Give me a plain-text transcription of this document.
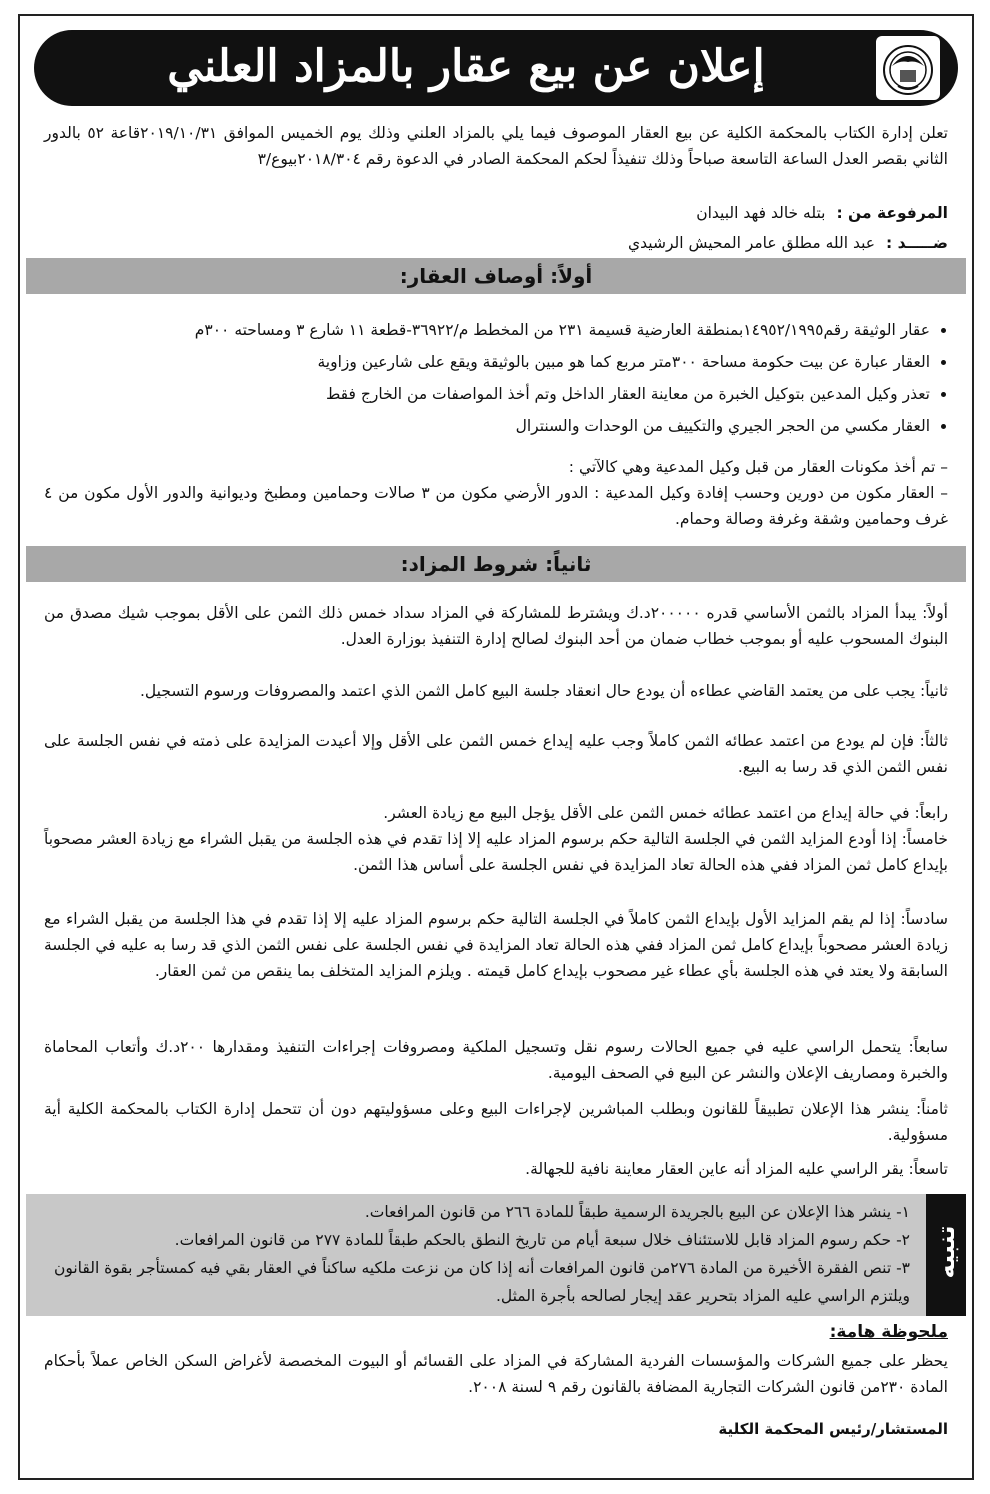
إعلان عن بيع عقار بالمزاد العلني
تعلن إدارة الكتاب بالمحكمة الكلية عن بيع العقار الموصوف فيما يلي بالمزاد العلني وذلك يوم الخميس الموافق ٢٠١٩/١٠/٣١قاعة ٥٢ بالدور الثاني بقصر العدل الساعة التاسعة صباحاً وذلك تنفيذاً لحكم المحكمة الصادر في الدعوة رقم ٢٠١٨/٣٠٤بيوع/٣
المرفوعة من : بتله خالد فهد البيدان
ضـــــد : عبد الله مطلق عامر المحيش الرشيدي
أولاً: أوصاف العقار:
• عقار الوثيقة رقم١٤٩٥٢/١٩٩٥بمنطقة العارضية قسيمة ٢٣١ من المخطط م/٣٦٩٢٢-قطعة ١١ شارع ٣ ومساحته ٣٠٠م
• العقار عبارة عن بيت حكومة مساحة ٣٠٠متر مربع كما هو مبين بالوثيقة ويقع على شارعين وزاوية
• تعذر وكيل المدعين بتوكيل الخبرة من معاينة العقار الداخل وتم أخذ المواصفات من الخارج فقط
• العقار مكسي من الحجر الجيري والتكييف من الوحدات والسنترال
– تم أخذ مكونات العقار من قبل وكيل المدعية وهي كالآتي :
– العقار مكون من دورين وحسب إفادة وكيل المدعية : الدور الأرضي مكون من ٣ صالات وحمامين ومطبخ وديوانية والدور الأول مكون من ٤ غرف وحمامين وشقة وغرفة وصالة وحمام.
ثانياً: شروط المزاد:
أولاً: يبدأ المزاد بالثمن الأساسي قدره ٢٠٠٠٠٠د.ك ويشترط للمشاركة في المزاد سداد خمس ذلك الثمن على الأقل بموجب شيك مصدق من البنوك المسحوب عليه أو بموجب خطاب ضمان من أحد البنوك لصالح إدارة التنفيذ بوزارة العدل.
ثانياً: يجب على من يعتمد القاضي عطاءه أن يودع حال انعقاد جلسة البيع كامل الثمن الذي اعتمد والمصروفات ورسوم التسجيل.
ثالثاً: فإن لم يودع من اعتمد عطائه الثمن كاملاً وجب عليه إيداع خمس الثمن على الأقل وإلا أعيدت المزايدة على ذمته في نفس الجلسة على نفس الثمن الذي قد رسا به البيع.
رابعاً: في حالة إيداع من اعتمد عطائه خمس الثمن على الأقل يؤجل البيع مع زيادة العشر.
خامساً: إذا أودع المزايد الثمن في الجلسة التالية حكم برسوم المزاد عليه إلا إذا تقدم في هذه الجلسة من يقبل الشراء مع زيادة العشر مصحوباً بإيداع كامل ثمن المزاد ففي هذه الحالة تعاد المزايدة في نفس الجلسة على أساس هذا الثمن.
سادساً: إذا لم يقم المزايد الأول بإيداع الثمن كاملاً في الجلسة التالية حكم برسوم المزاد عليه إلا إذا تقدم في هذا الجلسة من يقبل الشراء مع زيادة العشر مصحوباً بإيداع كامل ثمن المزاد ففي هذه الحالة تعاد المزايدة في نفس الجلسة على نفس الثمن الذي قد رسا به عليه في الجلسة السابقة ولا يعتد في هذه الجلسة بأي عطاء غير مصحوب بإيداع كامل قيمته . ويلزم المزايد المتخلف بما ينقص من ثمن العقار.
سابعاً: يتحمل الراسي عليه في جميع الحالات رسوم نقل وتسجيل الملكية ومصروفات إجراءات التنفيذ ومقدارها ٢٠٠د.ك وأتعاب المحاماة والخبرة ومصاريف الإعلان والنشر عن البيع في الصحف اليومية.
ثامناً: ينشر هذا الإعلان تطبيقاً للقانون وبطلب المباشرين لإجراءات البيع وعلى مسؤوليتهم دون أن تتحمل إدارة الكتاب بالمحكمة الكلية أية مسؤولية.
تاسعاً: يقر الراسي عليه المزاد أنه عاين العقار معاينة نافية للجهالة.
تنبيه
١- ينشر هذا الإعلان عن البيع بالجريدة الرسمية طبقاً للمادة ٢٦٦ من قانون المرافعات.
٢- حكم رسوم المزاد قابل للاستئناف خلال سبعة أيام من تاريخ النطق بالحكم طبقاً للمادة ٢٧٧ من قانون المرافعات.
٣- تنص الفقرة الأخيرة من المادة ٢٧٦من قانون المرافعات أنه إذا كان من نزعت ملكيه ساكناً في العقار بقي فيه كمستأجر بقوة القانون ويلتزم الراسي عليه المزاد بتحرير عقد إيجار لصالحه بأجرة المثل.
ملحوظة هامة:
يحظر على جميع الشركات والمؤسسات الفردية المشاركة في المزاد على القسائم أو البيوت المخصصة لأغراض السكن الخاص عملاً بأحكام المادة ٢٣٠من قانون الشركات التجارية المضافة بالقانون رقم ٩ لسنة ٢٠٠٨.
المستشار/رئيس المحكمة الكلية
